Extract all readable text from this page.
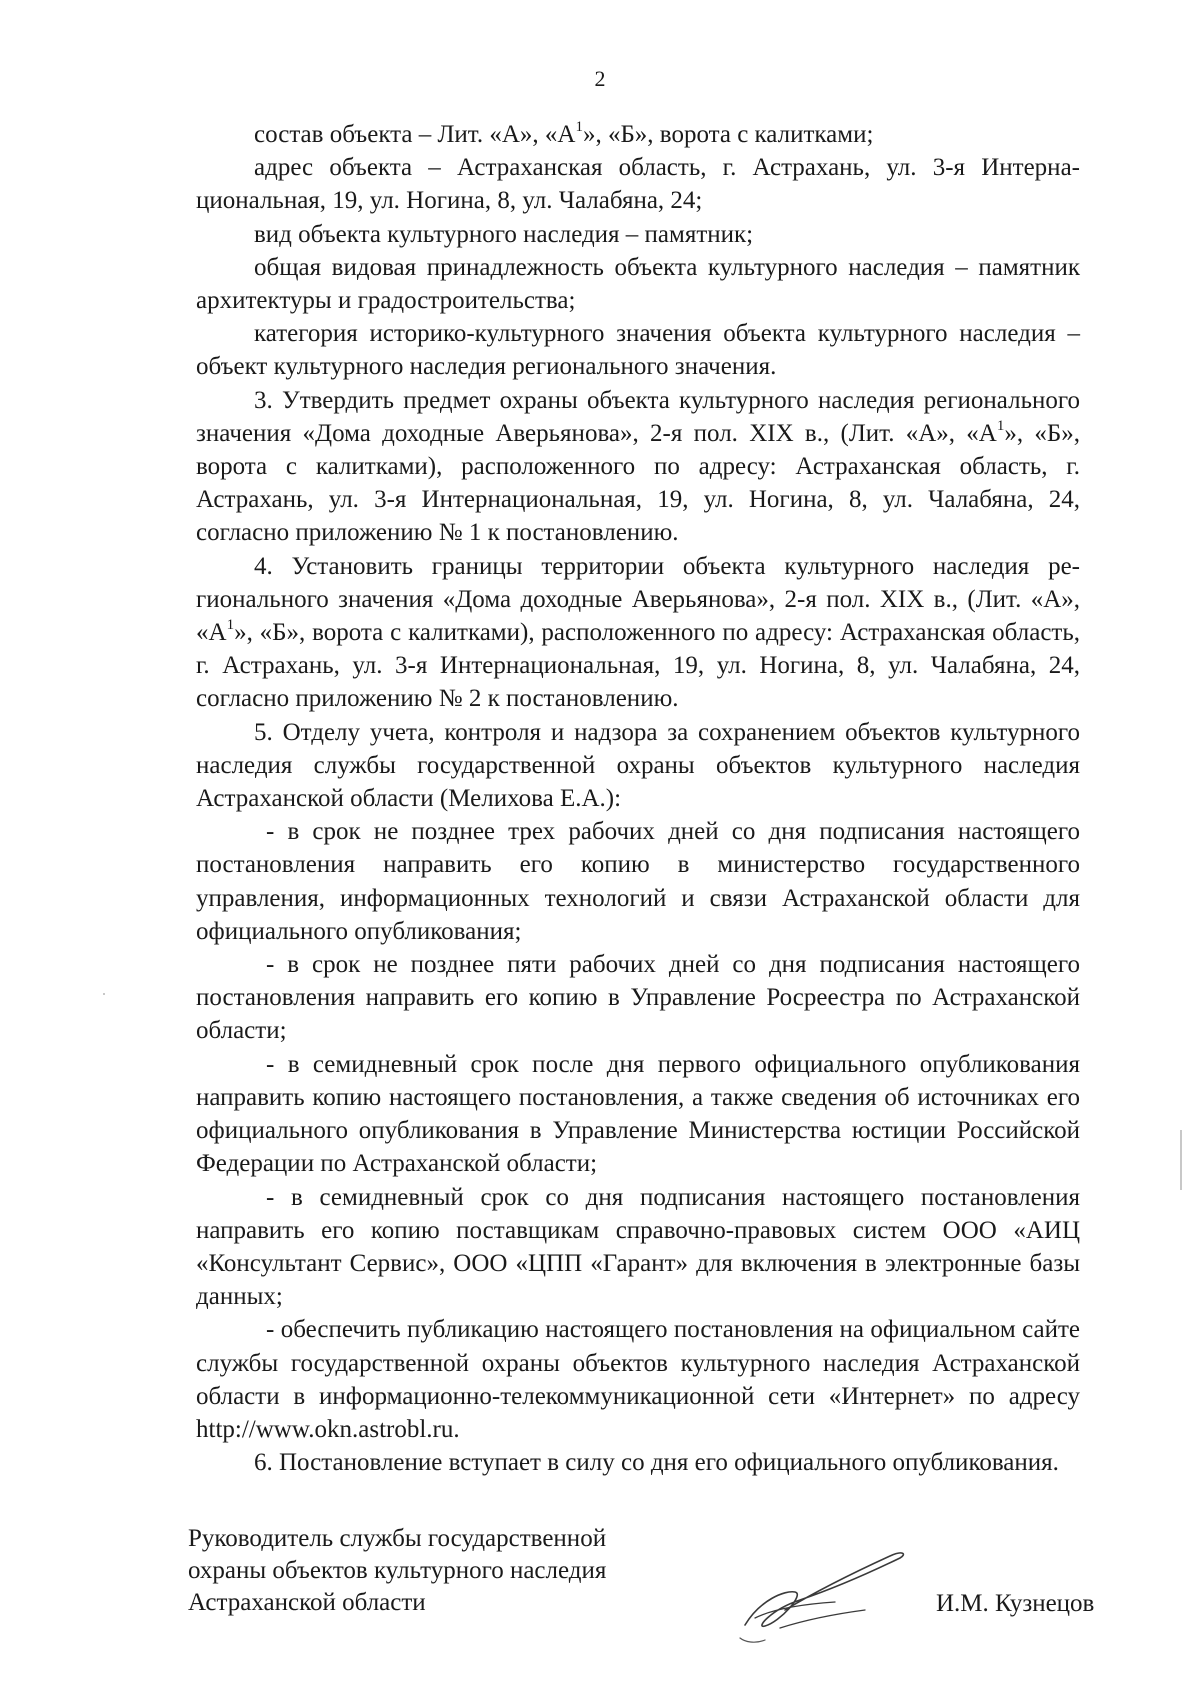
2

состав объекта – Лит. «А», «$А^1$», «Б», ворота с калитками;

адрес объекта – Астраханская область, г. Астрахань, ул. 3-я Интернациональная, 19, ул. Ногина, 8, ул. Чалабяна, 24;

вид объекта культурного наследия – памятник;

общая видовая принадлежность объекта культурного наследия – памятник архитектуры и градостроительства;

категория историко-культурного значения объекта культурного наследия – объект культурного наследия регионального значения.

3. Утвердить предмет охраны объекта культурного наследия регионального значения «Дома доходные Аверьянова», 2-я пол. XIX в., (Лит. «А», «$А^1$», «Б», ворота с калитками), расположенного по адресу: Астраханская область, г. Астрахань, ул. 3-я Интернациональная, 19, ул. Ногина, 8, ул. Чалабяна, 24, согласно приложению № 1 к постановлению.

4. Установить границы территории объекта культурного наследия регионального значения «Дома доходные Аверьянова», 2-я пол. XIX в., (Лит. «А», «$А^1$», «Б», ворота с калитками), расположенного по адресу: Астраханская область, г. Астрахань, ул. 3-я Интернациональная, 19, ул. Ногина, 8, ул. Чалабяна, 24, согласно приложению № 2 к постановлению.

5. Отделу учета, контроля и надзора за сохранением объектов культурного наследия службы государственной охраны объектов культурного наследия Астраханской области (Мелихова Е.А.):

- в срок не позднее трех рабочих дней со дня подписания настоящего постановления направить его копию в министерство государственного управления, информационных технологий и связи Астраханской области для официального опубликования;

- в срок не позднее пяти рабочих дней со дня подписания настоящего постановления направить его копию в Управление Росреестра по Астраханской области;

- в семидневный срок после дня первого официального опубликования направить копию настоящего постановления, а также сведения об источниках его официального опубликования в Управление Министерства юстиции Российской Федерации по Астраханской области;

- в семидневный срок со дня подписания настоящего постановления направить его копию поставщикам справочно-правовых систем ООО «АИЦ «Консультант Сервис», ООО «ЦПП «Гарант» для включения в электронные базы данных;

- обеспечить публикацию настоящего постановления на официальном сайте службы государственной охраны объектов культурного наследия Астраханской области в информационно-телекоммуникационной сети «Интернет» по адресу http://www.okn.astrobl.ru.

6. Постановление вступает в силу со дня его официального опубликования.

Руководитель службы государственной
охраны объектов культурного наследия
Астраханской области	И.М. Кузнецов
